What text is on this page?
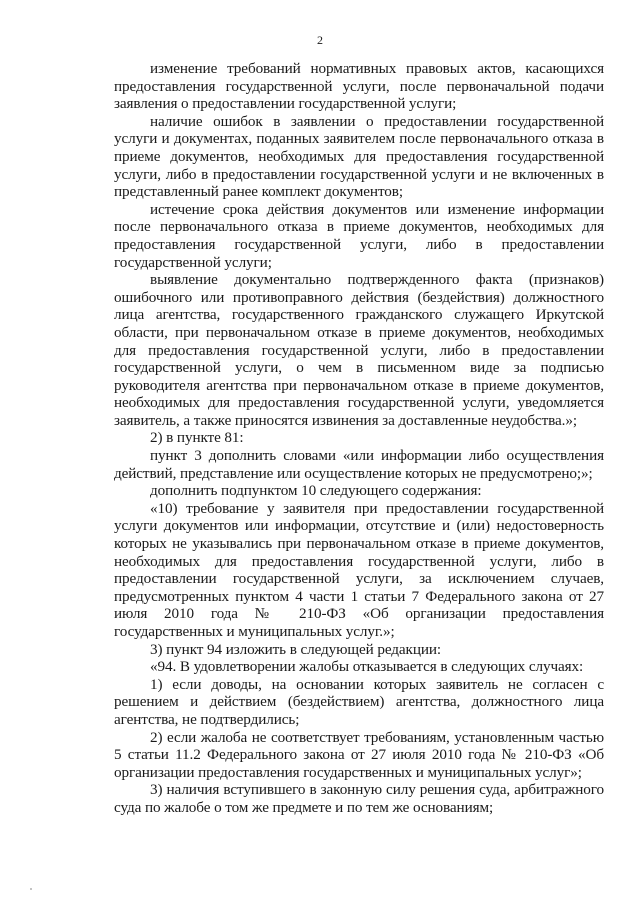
2

изменение требований нормативных правовых актов, касающихся предоставления государственной услуги, после первоначальной подачи заявления о предоставлении государственной услуги;

наличие ошибок в заявлении о предоставлении государственной услуги и документах, поданных заявителем после первоначального отказа в приеме документов, необходимых для предоставления государственной услуги, либо в предоставлении государственной услуги и не включенных в представленный ранее комплект документов;

истечение срока действия документов или изменение информации после первоначального отказа в приеме документов, необходимых для предоставления государственной услуги, либо в предоставлении государственной услуги;

выявление документально подтвержденного факта (признаков) ошибочного или противоправного действия (бездействия) должностного лица агентства, государственного гражданского служащего Иркутской области, при первоначальном отказе в приеме документов, необходимых для предоставления государственной услуги, либо в предоставлении государственной услуги, о чем в письменном виде за подписью руководителя агентства при первоначальном отказе в приеме документов, необходимых для предоставления государственной услуги, уведомляется заявитель, а также приносятся извинения за доставленные неудобства.»;

2) в пункте 81:

пункт 3 дополнить словами «или информации либо осуществления действий, представление или осуществление которых не предусмотрено;»;

дополнить подпунктом 10 следующего содержания:

«10) требование у заявителя при предоставлении государственной услуги документов или информации, отсутствие и (или) недостоверность которых не указывались при первоначальном отказе в приеме документов, необходимых для предоставления государственной услуги, либо в предоставлении государственной услуги, за исключением случаев, предусмотренных пунктом 4 части 1 статьи 7 Федерального закона от 27 июля 2010 года № 210-ФЗ «Об организации предоставления государственных и муниципальных услуг.»;

3) пункт 94 изложить в следующей редакции:

«94. В удовлетворении жалобы отказывается в следующих случаях:

1) если доводы, на основании которых заявитель не согласен с решением и действием (бездействием) агентства, должностного лица агентства, не подтвердились;

2) если жалоба не соответствует требованиям, установленным частью 5 статьи 11.2 Федерального закона от 27 июля 2010 года № 210-ФЗ «Об организации предоставления государственных и муниципальных услуг»;

3) наличия вступившего в законную силу решения суда, арбитражного суда по жалобе о том же предмете и по тем же основаниям;
